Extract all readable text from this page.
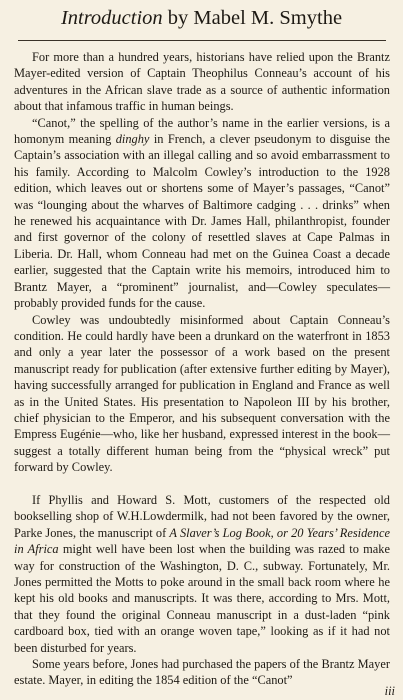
Introduction by Mabel M. Smythe

For more than a hundred years, historians have relied upon the Brantz Mayer-edited version of Captain Theophilus Conneau’s account of his adventures in the African slave trade as a source of authentic information about that infamous traffic in human beings.

“Canot,” the spelling of the author’s name in the earlier versions, is a homonym meaning dinghy in French, a clever pseudonym to disguise the Captain’s association with an illegal calling and so avoid embarrassment to his family. According to Malcolm Cowley’s introduction to the 1928 edition, which leaves out or shortens some of Mayer’s passages, “Canot” was “lounging about the wharves of Baltimore cadging . . . drinks” when he renewed his acquaintance with Dr. James Hall, philanthropist, founder and first governor of the colony of resettled slaves at Cape Palmas in Liberia. Dr. Hall, whom Conneau had met on the Guinea Coast a decade earlier, suggested that the Captain write his memoirs, introduced him to Brantz Mayer, a “prominent” journalist, and—Cowley speculates—probably provided funds for the cause.

Cowley was undoubtedly misinformed about Captain Conneau’s condition. He could hardly have been a drunkard on the waterfront in 1853 and only a year later the possessor of a work based on the present manuscript ready for publication (after extensive further editing by Mayer), having successfully arranged for publication in England and France as well as in the United States. His presentation to Napoleon III by his brother, chief physician to the Emperor, and his subsequent conversation with the Empress Eugénie—who, like her husband, expressed interest in the book—suggest a totally different human being from the “physical wreck” put forward by Cowley.

If Phyllis and Howard S. Mott, customers of the respected old bookselling shop of W.H.Lowdermilk, had not been favored by the owner, Parke Jones, the manuscript of A Slaver’s Log Book, or 20 Years’ Residence in Africa might well have been lost when the building was razed to make way for construction of the Washington, D. C., subway. Fortunately, Mr. Jones permitted the Motts to poke around in the small back room where he kept his old books and manuscripts. It was there, according to Mrs. Mott, that they found the original Conneau manuscript in a dust-laden “pink cardboard box, tied with an orange woven tape,” looking as if it had not been disturbed for years.

Some years before, Jones had purchased the papers of the Brantz Mayer estate. Mayer, in editing the 1854 edition of the “Canot”

iii
